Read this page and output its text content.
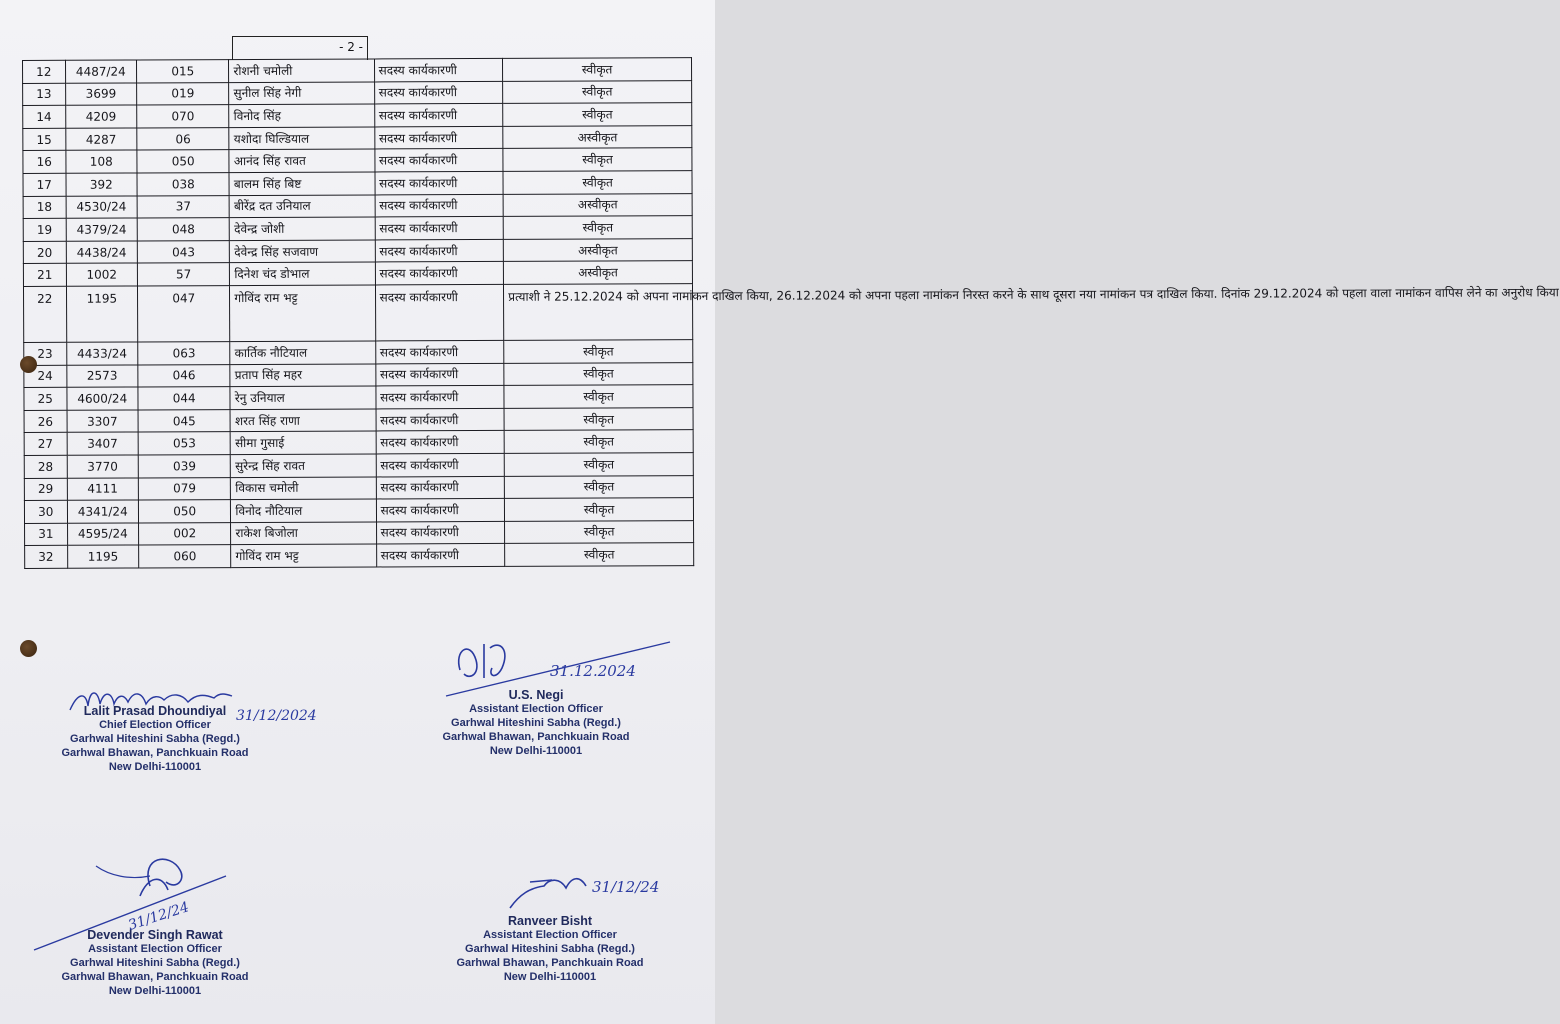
- 2 -
12	4487/24	015	रोशनी चमोली	सदस्य कार्यकारणी	स्वीकृत
13	3699	019	सुनील सिंह नेगी	सदस्य कार्यकारणी	स्वीकृत
14	4209	070	विनोद सिंह	सदस्य कार्यकारणी	स्वीकृत
15	4287	06	यशोदा घिल्डियाल	सदस्य कार्यकारणी	अस्वीकृत
16	108	050	आनंद सिंह रावत	सदस्य कार्यकारणी	स्वीकृत
17	392	038	बालम सिंह बिष्ट	सदस्य कार्यकारणी	स्वीकृत
18	4530/24	37	बीरेंद्र दत उनियाल	सदस्य कार्यकारणी	अस्वीकृत
19	4379/24	048	देवेन्द्र जोशी	सदस्य कार्यकारणी	स्वीकृत
20	4438/24	043	देवेन्द्र सिंह सजवाण	सदस्य कार्यकारणी	अस्वीकृत
21	1002	57	दिनेश चंद डोभाल	सदस्य कार्यकारणी	अस्वीकृत
22	1195	047	गोविंद राम भट्ट	सदस्य कार्यकारणी	प्रत्याशी ने 25.12.2024 को अपना नामांकन दाखिल किया, 26.12.2024 को अपना पहला नामांकन निरस्त करने के साथ दूसरा नया नामांकन पत्र दाखिल किया. दिनांक 29.12.2024 को पहला वाला नामांकन वापिस लेने का अनुरोध किया
23	4433/24	063	कार्तिक नौटियाल	सदस्य कार्यकारणी	स्वीकृत
24	2573	046	प्रताप सिंह महर	सदस्य कार्यकारणी	स्वीकृत
25	4600/24	044	रेनु उनियाल	सदस्य कार्यकारणी	स्वीकृत
26	3307	045	शरत सिंह राणा	सदस्य कार्यकारणी	स्वीकृत
27	3407	053	सीमा गुसाई	सदस्य कार्यकारणी	स्वीकृत
28	3770	039	सुरेन्द्र सिंह रावत	सदस्य कार्यकारणी	स्वीकृत
29	4111	079	विकास चमोली	सदस्य कार्यकारणी	स्वीकृत
30	4341/24	050	विनोद नौटियाल	सदस्य कार्यकारणी	स्वीकृत
31	4595/24	002	राकेश बिजोला	सदस्य कार्यकारणी	स्वीकृत
32	1195	060	गोविंद राम भट्ट	सदस्य कार्यकारणी	स्वीकृत
31/12/2024
Lalit Prasad Dhoundiyal
Chief Election Officer
Garhwal Hiteshini Sabha (Regd.)
Garhwal Bhawan, Panchkuain Road
New Delhi-110001
31.12.2024
U.S. Negi
Assistant Election Officer
Garhwal Hiteshini Sabha (Regd.)
Garhwal Bhawan, Panchkuain Road
New Delhi-110001
31/12/24
Devender Singh Rawat
Assistant Election Officer
Garhwal Hiteshini Sabha (Regd.)
Garhwal Bhawan, Panchkuain Road
New Delhi-110001
31/12/24
Ranveer Bisht
Assistant Election Officer
Garhwal Hiteshini Sabha (Regd.)
Garhwal Bhawan, Panchkuain Road
New Delhi-110001
